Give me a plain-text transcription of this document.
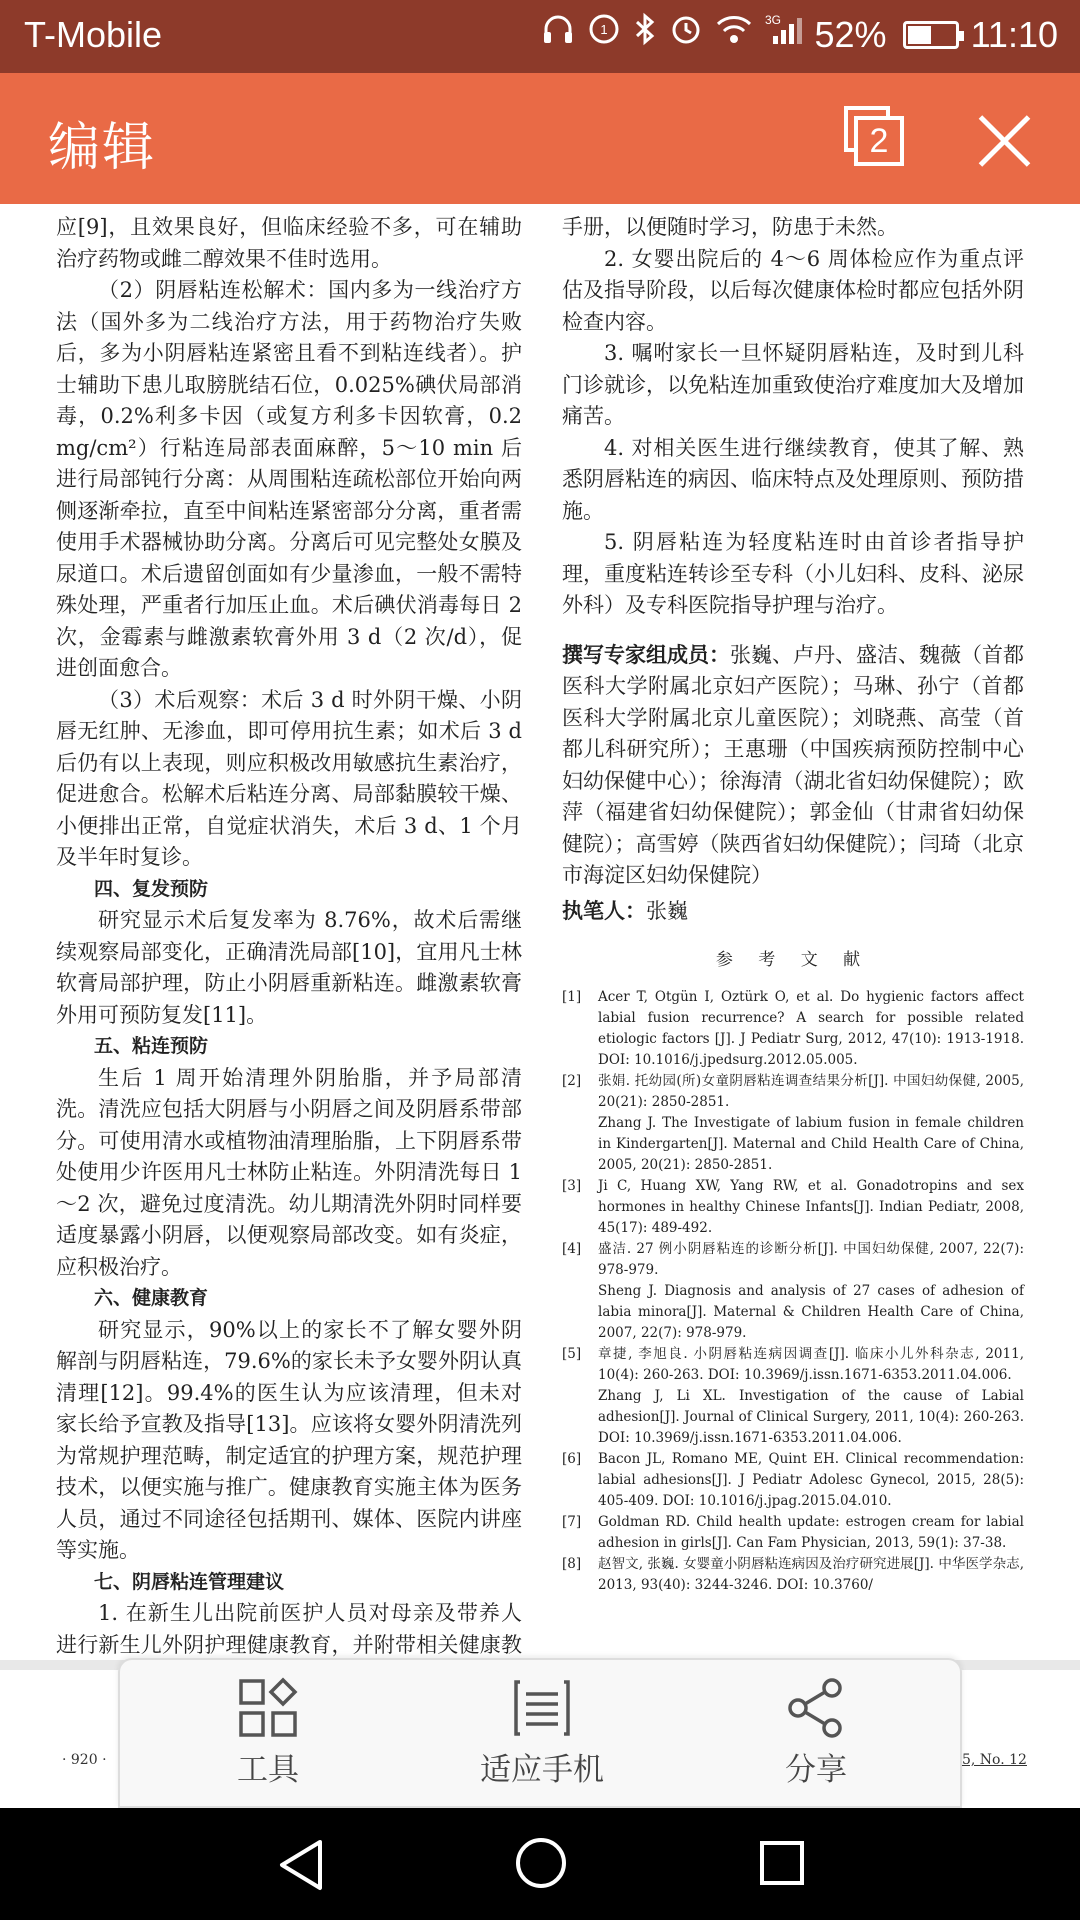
T-Mobile	1
3G 52% 11:10
编辑	2
应[9]，且效果良好，但临床经验不多，可在辅助治疗药物或雌二醇效果不佳时选用。
（2）阴唇粘连松解术：国内多为一线治疗方法（国外多为二线治疗方法，用于药物治疗失败后，多为小阴唇粘连紧密且看不到粘连线者）。护士辅助下患儿取膀胱结石位，0.025%碘伏局部消毒，0.2%利多卡因（或复方利多卡因软膏，0.2 mg/cm²）行粘连局部表面麻醉，5～10 min 后进行局部钝行分离：从周围粘连疏松部位开始向两侧逐渐牵拉，直至中间粘连紧密部分分离，重者需使用手术器械协助分离。分离后可见完整处女膜及尿道口。术后遗留创面如有少量渗血，一般不需特殊处理，严重者行加压止血。术后碘伏消毒每日 2 次，金霉素与雌激素软膏外用 3 d（2 次/d），促进创面愈合。
（3）术后观察：术后 3 d 时外阴干燥、小阴唇无红肿、无渗血，即可停用抗生素；如术后 3 d 后仍有以上表现，则应积极改用敏感抗生素治疗，促进愈合。松解术后粘连分离、局部黏膜较干燥、小便排出正常，自觉症状消失，术后 3 d、1 个月及半年时复诊。
四、复发预防
研究显示术后复发率为 8.76%，故术后需继续观察局部变化，正确清洗局部[10]，宜用凡士林软膏局部护理，防止小阴唇重新粘连。雌激素软膏外用可预防复发[11]。
五、粘连预防
生后 1 周开始清理外阴胎脂，并予局部清洗。清洗应包括大阴唇与小阴唇之间及阴唇系带部分。可使用清水或植物油清理胎脂，上下阴唇系带处使用少许医用凡士林防止粘连。外阴清洗每日 1～2 次，避免过度清洗。幼儿期清洗外阴时同样要适度暴露小阴唇，以便观察局部改变。如有炎症，应积极治疗。
六、健康教育
研究显示，90%以上的家长不了解女婴外阴解剖与阴唇粘连，79.6%的家长未予女婴外阴认真清理[12]。99.4%的医生认为应该清理，但未对家长给予宣教及指导[13]。应该将女婴外阴清洗列为常规护理范畴，制定适宜的护理方案，规范护理技术，以便实施与推广。健康教育实施主体为医务人员，通过不同途径包括期刊、媒体、医院内讲座等实施。
七、阴唇粘连管理建议
1. 在新生儿出院前医护人员对母亲及带养人进行新生儿外阴护理健康教育，并附带相关健康教
手册，以便随时学习，防患于未然。
2. 女婴出院后的 4～6 周体检应作为重点评估及指导阶段，以后每次健康体检时都应包括外阴检查内容。
3. 嘱咐家长一旦怀疑阴唇粘连，及时到儿科门诊就诊，以免粘连加重致使治疗难度加大及增加痛苦。
4. 对相关医生进行继续教育，使其了解、熟悉阴唇粘连的病因、临床特点及处理原则、预防措施。
5. 阴唇粘连为轻度粘连时由首诊者指导护理，重度粘连转诊至专科（小儿妇科、皮科、泌尿外科）及专科医院指导护理与治疗。
撰写专家组成员：张巍、卢丹、盛洁、魏薇（首都医科大学附属北京妇产医院）；马琳、孙宁（首都医科大学附属北京儿童医院）；刘晓燕、高莹（首都儿科研究所）；王惠珊（中国疾病预防控制中心妇幼保健中心）；徐海清（湖北省妇幼保健院）；欧萍（福建省妇幼保健院）；郭金仙（甘肃省妇幼保健院）；高雪婷（陕西省妇幼保健院）；闫琦（北京市海淀区妇幼保健院）
执笔人：张巍
参 考 文 献
[1]	Acer T, Otgün I, Oztürk O, et al. Do hygienic factors affect labial fusion recurrence? A search for possible related etiologic factors [J]. J Pediatr Surg, 2012, 47(10): 1913-1918. DOI: 10.1016/j.jpedsurg.2012.05.005.
[2]	张娟. 托幼园(所)女童阴唇粘连调查结果分析[J]. 中国妇幼保健, 2005, 20(21): 2850-2851.
Zhang J. The Investigate of labium fusion in female children in Kindergarten[J]. Maternal and Child Health Care of China, 2005, 20(21): 2850-2851.
[3]	Ji C, Huang XW, Yang RW, et al. Gonadotropins and sex hormones in healthy Chinese Infants[J]. Indian Pediatr, 2008, 45(17): 489-492.
[4]	盛洁. 27 例小阴唇粘连的诊断分析[J]. 中国妇幼保健, 2007, 22(7): 978-979.
Sheng J. Diagnosis and analysis of 27 cases of adhesion of labia minora[J]. Maternal & Children Health Care of China, 2007, 22(7): 978-979.
[5]	章捷, 李旭良. 小阴唇粘连病因调查[J]. 临床小儿外科杂志, 2011, 10(4): 260-263. DOI: 10.3969/j.issn.1671-6353.2011.04.006.
Zhang J, Li XL. Investigation of the cause of Labial adhesion[J]. Journal of Clinical Surgery, 2011, 10(4): 260-263. DOI: 10.3969/j.issn.1671-6353.2011.04.006.
[6]	Bacon JL, Romano ME, Quint EH. Clinical recommendation: labial adhesions[J]. J Pediatr Adolesc Gynecol, 2015, 28(5): 405-409. DOI: 10.1016/j.jpag.2015.04.010.
[7]	Goldman RD. Child health update: estrogen cream for labial adhesion in girls[J]. Can Fam Physician, 2013, 59(1): 37-38.
[8]	赵智文, 张巍. 女婴童小阴唇粘连病因及治疗研究进展[J]. 中华医学杂志, 2013, 93(40): 3244-3246. DOI: 10.3760/
· 920 ·	5, No. 12
工具	适应手机	分享
